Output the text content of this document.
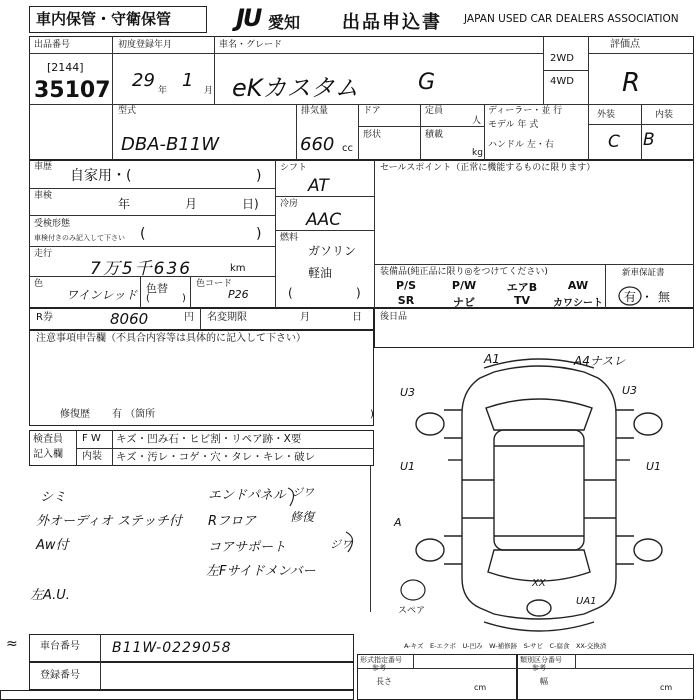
車内保管・守衛保管	JU 愛知 出品申込書 JAPAN USED CAR DEALERS ASSOCIATION
出品番号
[2144]
35107
初度登録年月
29 年 1 月
車名・グレード
eKカスタム	G
2WD
4WD
評価点
R
外装	内装
C B
型式
DBA-B11W
排気量
660 cc
ドア	定員
人
形状	積載
kg
ディーラー・並 行
モデル 年 式
ハンドル 左・右
車歴
自家用・(	)
車検
年	月	日)
受検形態
車検付きのみ記入して下さい (	)
走行
7万5千636	km
色
ワインレッド 色替
(	)
色コード
P26
シフト
AT
冷房
AAC
燃料
ガソリン
軽油
(	)
セールスポイント（正常に機能するものに限ります）
装備品(純正品に限り◎をつけてください)
P/S	P/W	エアB	AW
SR	ナビ	TV	カワシート
新車保証書
有 ・ 無
R券	8060	円 名変期限	月	日 後日品
注意事項申告欄（不具合内容等は具体的に記入して下さい）
修復歴 有 （箇所	)
検査員
記入欄
F W キズ・凹み石・ヒビ割・リペア跡・X要
内装 キズ・汚レ・コゲ・穴・タレ・キレ・破レ
シミ
外オーディオ ステッチ付
Aw付
左A.U.
エンドパネル ジワ
Rフロア	修復
コアサポート	ジワ
左Fサイドメンバー
A1	A4ナスレ
U3	U3
U1	U1
A
XX
UA1
スペア
A-キズ　E-エクボ　U-凹み　W-補修跡　S-サビ　C-腐食　XX-交換済
≈ 車台番号 B11W-0229058
登録番号
形式指定番号
参考
長さ
cm
類別区分番号
参考
幅
cm
